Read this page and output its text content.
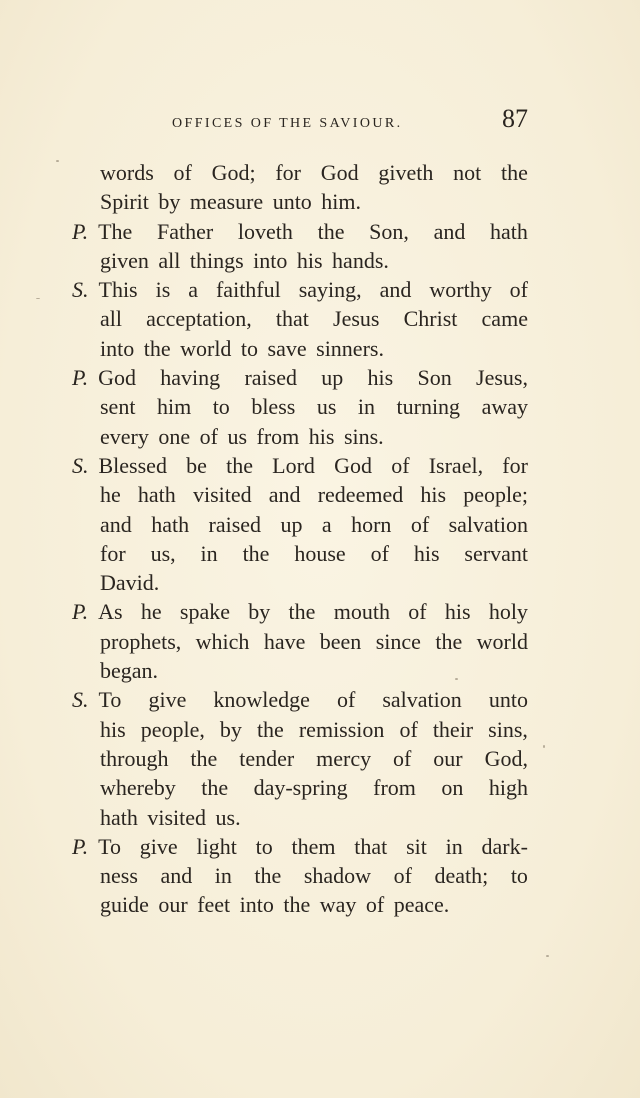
OFFICES OF THE SAVIOUR.	87
words of God; for God giveth not the
Spirit by measure unto him.
P. The Father loveth the Son, and hath
given all things into his hands.
S. This is a faithful saying, and worthy of
all acceptation, that Jesus Christ came
into the world to save sinners.
P. God having raised up his Son Jesus,
sent him to bless us in turning away
every one of us from his sins.
S. Blessed be the Lord God of Israel, for
he hath visited and redeemed his people;
and hath raised up a horn of salvation
for us, in the house of his servant
David.
P. As he spake by the mouth of his holy
prophets, which have been since the world
began.
S. To give knowledge of salvation unto
his people, by the remission of their sins,
through the tender mercy of our God,
whereby the day-spring from on high
hath visited us.
P. To give light to them that sit in dark-
ness and in the shadow of death; to
guide our feet into the way of peace.
